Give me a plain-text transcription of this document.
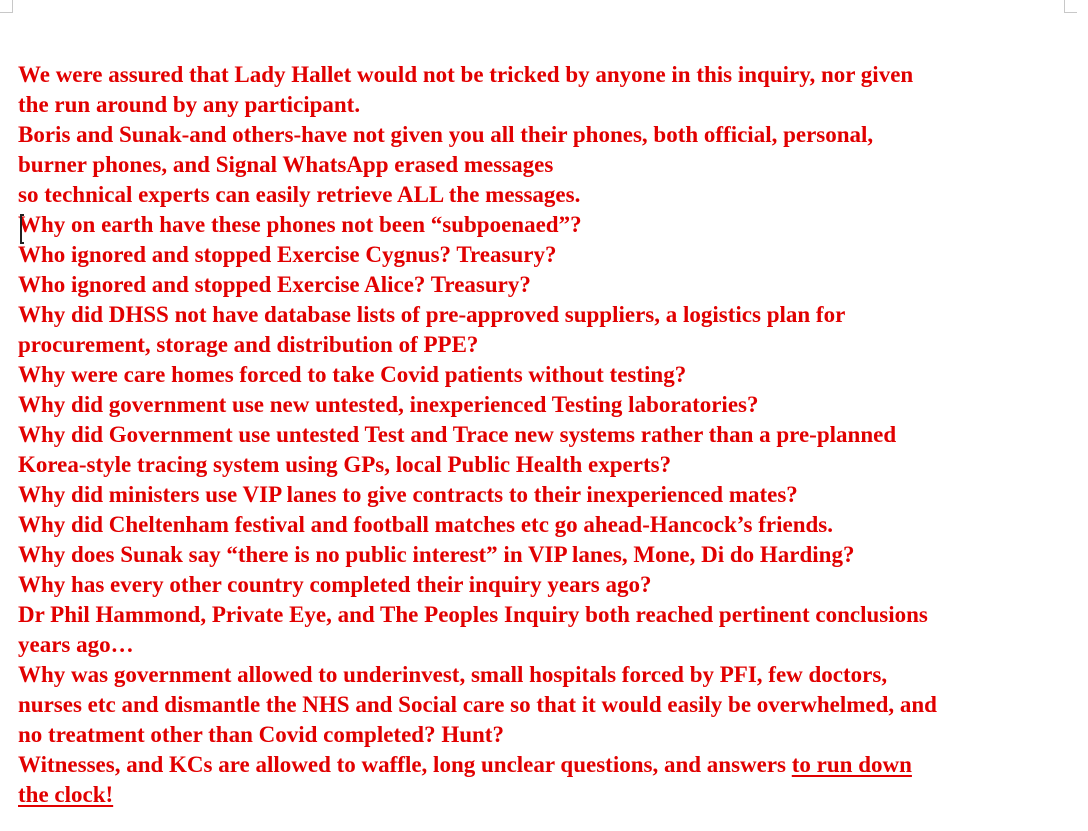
We were assured that Lady Hallet would not be tricked by anyone in this inquiry, nor given
the run around by any participant.
Boris and Sunak-and others-have not given you all their phones, both official, personal,
burner phones, and Signal WhatsApp erased messages
so technical experts can easily retrieve ALL the messages.
Why on earth have these phones not been “subpoenaed”?
Who ignored and stopped Exercise Cygnus? Treasury?
Who ignored and stopped Exercise Alice? Treasury?
Why did DHSS not have database lists of pre-approved suppliers, a logistics plan for
procurement, storage and distribution of PPE?
Why were care homes forced to take Covid patients without testing?
Why did government use new untested, inexperienced Testing laboratories?
Why did Government use untested Test and Trace new systems rather than a pre-planned
Korea-style tracing system using GPs, local Public Health experts?
Why did ministers use VIP lanes to give contracts to their inexperienced mates?
Why did Cheltenham festival and football matches etc go ahead-Hancock’s friends.
Why does Sunak say “there is no public interest” in VIP lanes, Mone, Di do Harding?
Why has every other country completed their inquiry years ago?
Dr Phil Hammond, Private Eye, and The Peoples Inquiry both reached pertinent conclusions
years ago…
Why was government allowed to underinvest, small hospitals forced by PFI, few doctors,
nurses etc and dismantle the NHS and Social care so that it would easily be overwhelmed, and
no treatment other than Covid completed? Hunt?
Witnesses, and KCs are allowed to waffle, long unclear questions, and answers to run down
the clock!
